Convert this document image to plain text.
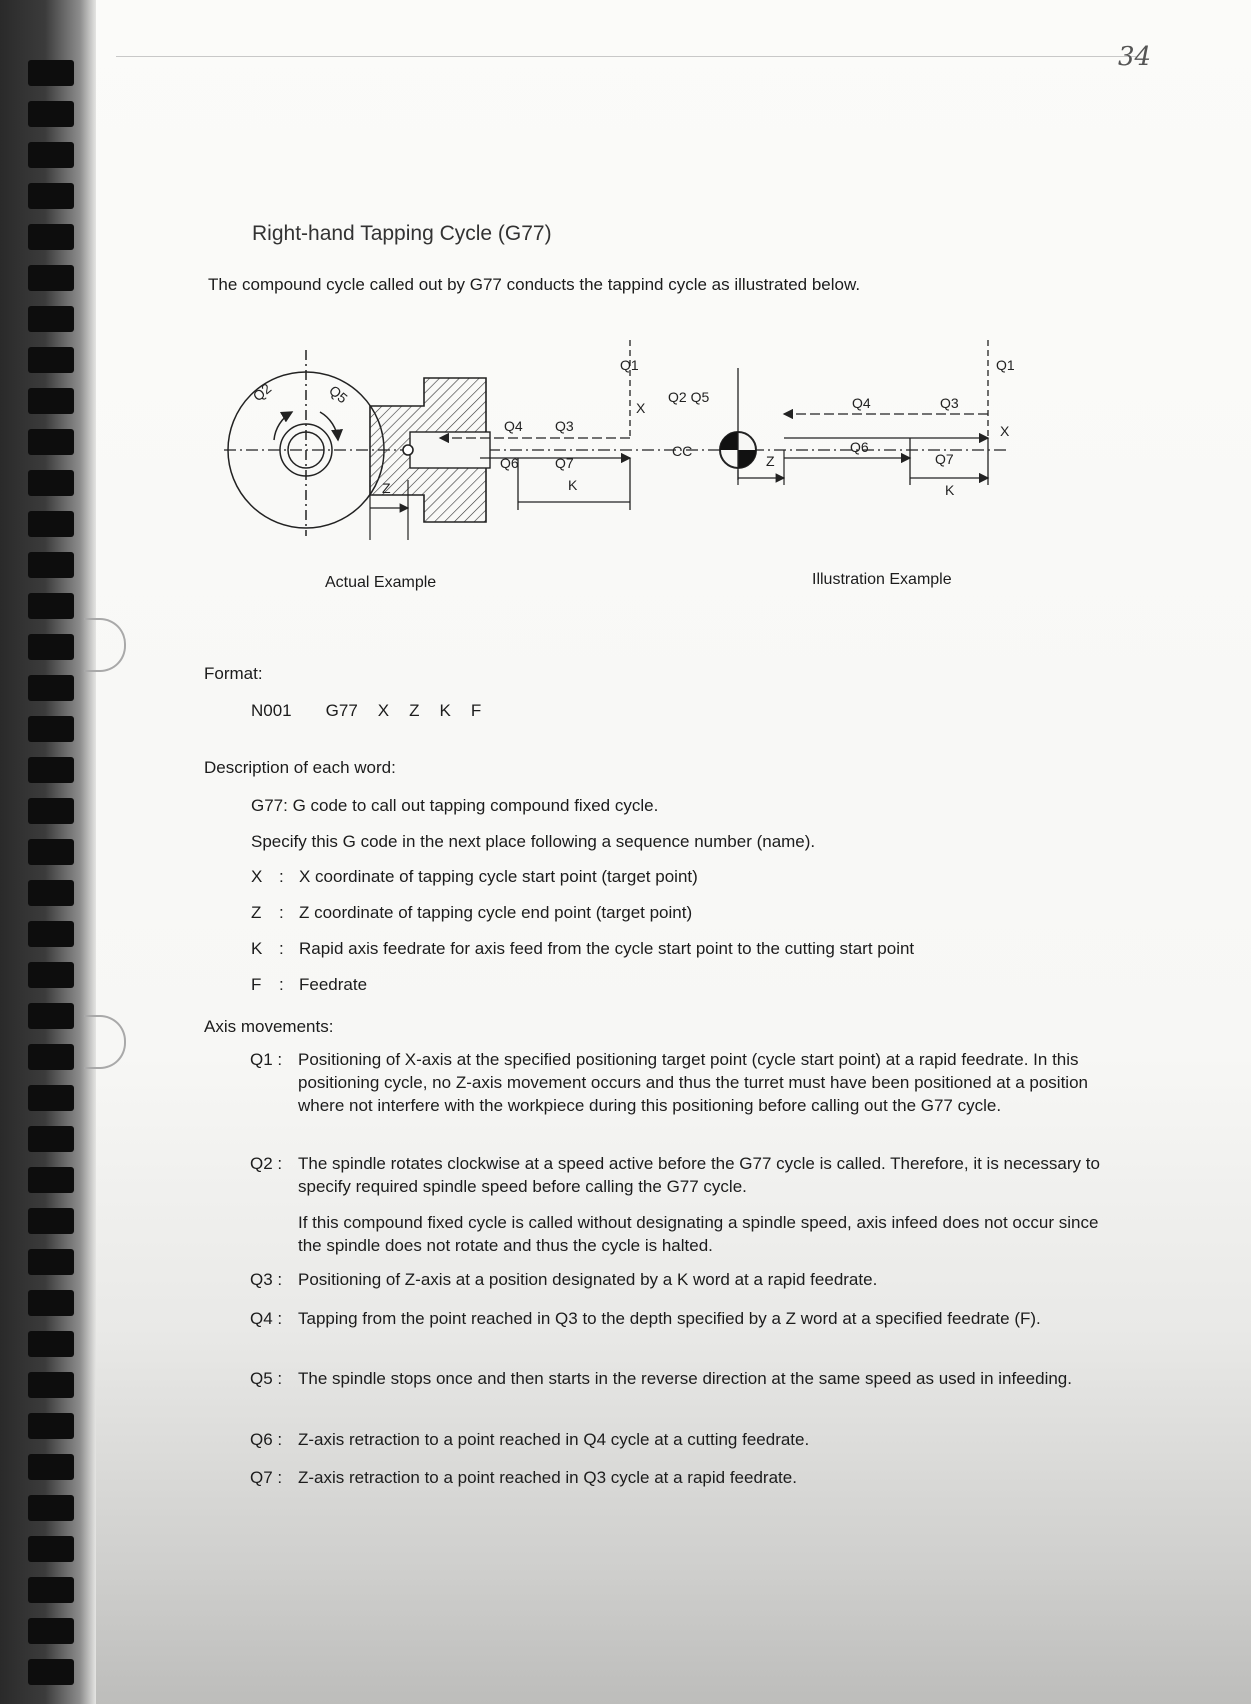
34
Right-hand Tapping Cycle (G77)
The compound cycle called out by G77 conducts the tappind cycle as illustrated below.
Q2	Q5
Z
Q1
Q3
Q4
Q6	Q7
X
K
Q2 Q5
CC
Z
Q1
Q3
Q4
Q6
Q7
X
K
Actual Example	Illustration Example
Format:
N001 G77 X Z K F
Description of each word:
G77: G code to call out tapping compound fixed cycle.
Specify this G code in the next place following a sequence number (name).
X : X coordinate of tapping cycle start point (target point)
Z : Z coordinate of tapping cycle end point (target point)
K : Rapid axis feedrate for axis feed from the cycle start point to the cutting start point
F : Feedrate
Axis movements:
Q1 : Positioning of X-axis at the specified positioning target point (cycle start point) at a rapid feedrate. In this positioning cycle, no Z-axis movement occurs and thus the turret must have been positioned at a position where not interfere with the workpiece during this positioning before calling out the G77 cycle.

Q2 : The spindle rotates clockwise at a speed active before the G77 cycle is called. Therefore, it is necessary to specify required spindle speed before calling the G77 cycle.

If this compound fixed cycle is called without designating a spindle speed, axis infeed does not occur since the spindle does not rotate and thus the cycle is halted.

Q3 : Positioning of Z-axis at a position designated by a K word at a rapid feedrate.

Q4 : Tapping from the point reached in Q3 to the depth specified by a Z word at a specified feedrate (F).

Q5 : The spindle stops once and then starts in the reverse direction at the same speed as used in infeeding.

Q6 : Z-axis retraction to a point reached in Q4 cycle at a cutting feedrate.

Q7 : Z-axis retraction to a point reached in Q3 cycle at a rapid feedrate.
